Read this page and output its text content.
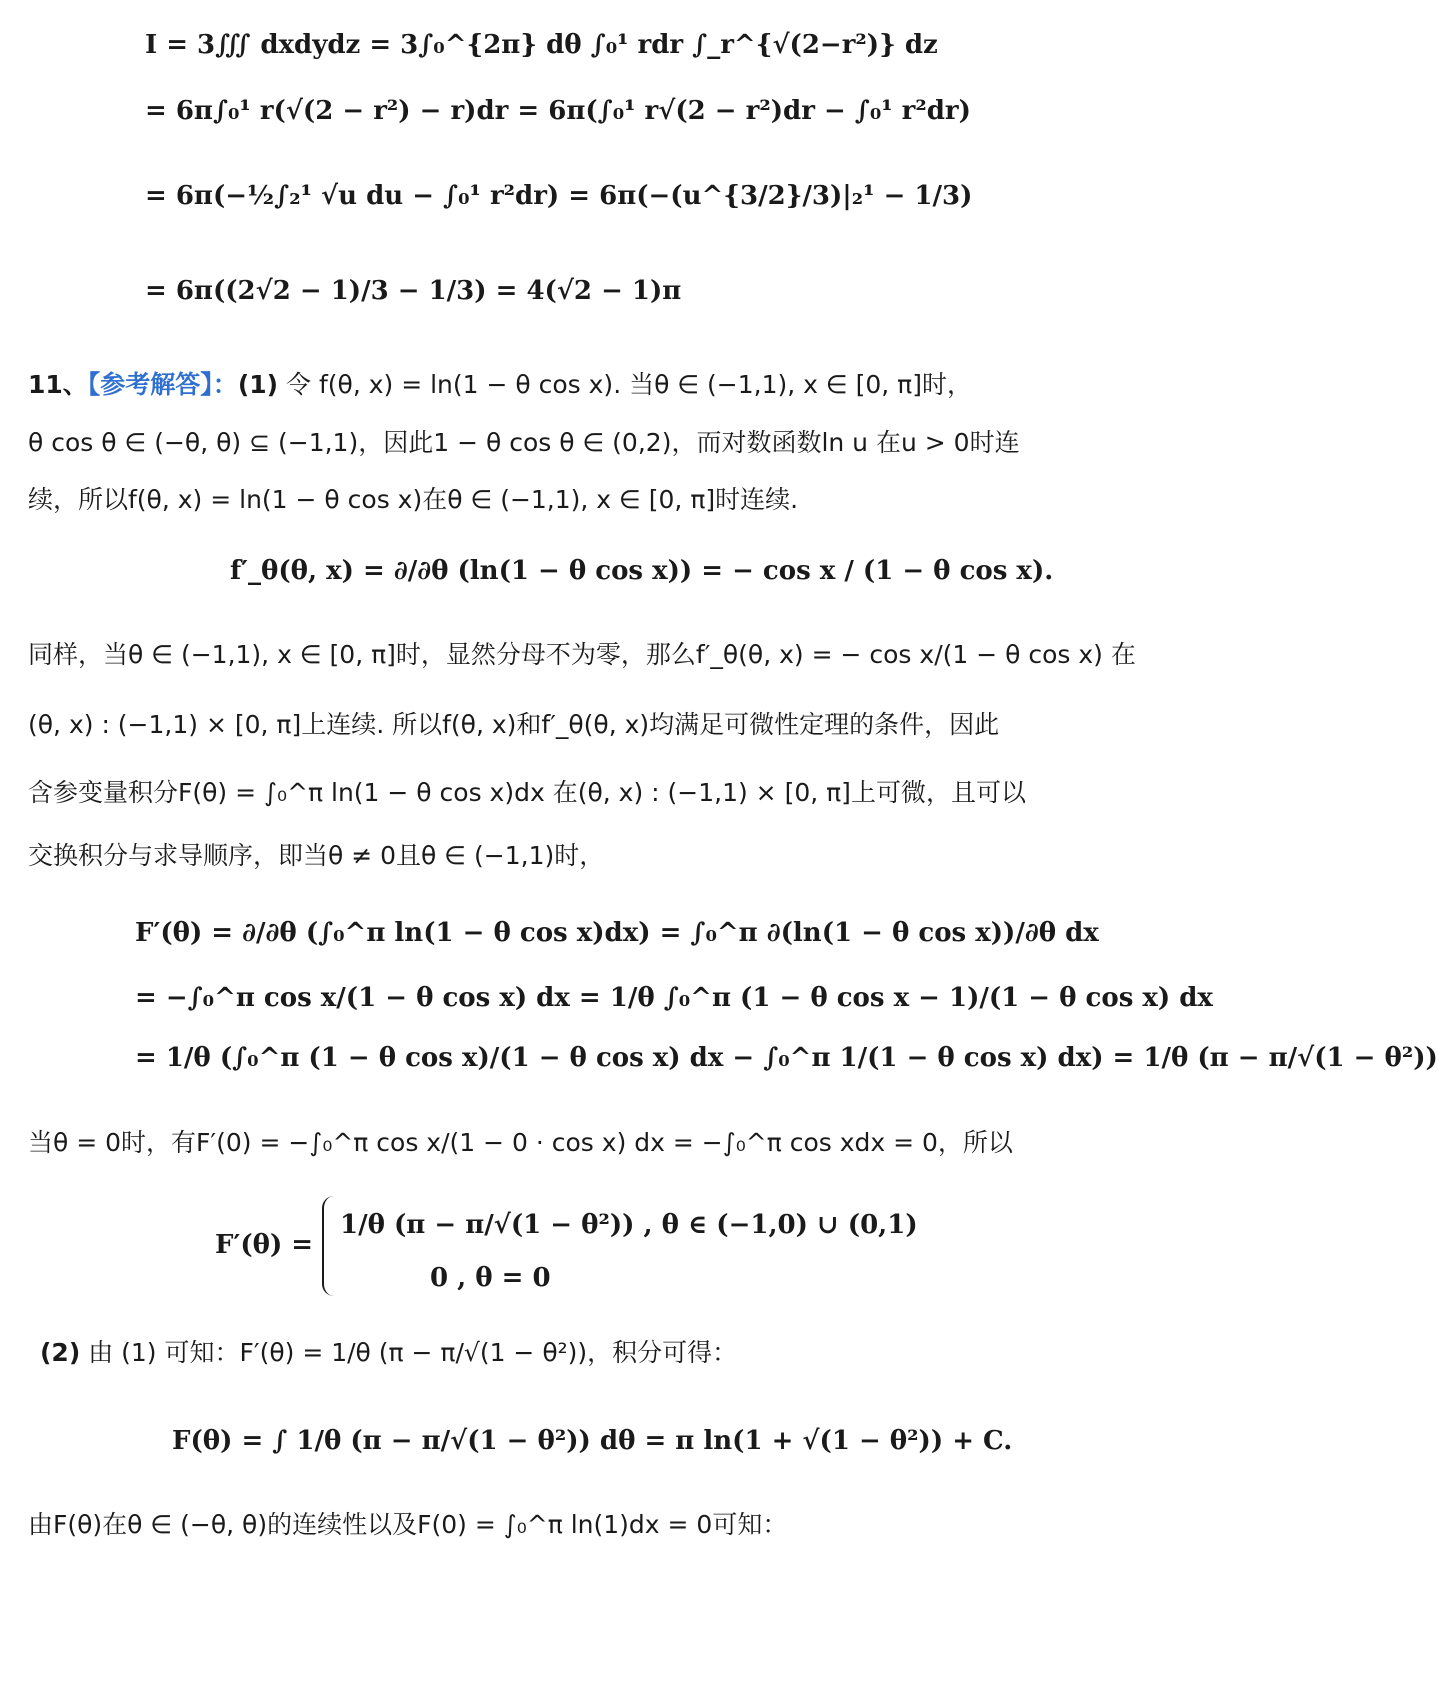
I = 3∭ dxdydz = 3∫₀^{2π} dθ ∫₀¹ rdr ∫_r^{√(2−r²)} dz
= 6π∫₀¹ r(√(2 − r²) − r)dr = 6π(∫₀¹ r√(2 − r²)dr − ∫₀¹ r²dr)
= 6π(−½∫₂¹ √u du − ∫₀¹ r²dr) = 6π(−(u^{3/2}/3)|₂¹ − 1/3)
= 6π((2√2 − 1)/3 − 1/3) = 4(√2 − 1)π
11、【参考解答】：(1) 令 f(θ, x) = ln(1 − θ cos x). 当θ ∈ (−1,1), x ∈ [0, π]时，
θ cos θ ∈ (−θ, θ) ⊆ (−1,1)，因此1 − θ cos θ ∈ (0,2)，而对数函数ln u 在u > 0时连
续，所以f(θ, x) = ln(1 − θ cos x)在θ ∈ (−1,1), x ∈ [0, π]时连续.
f′_θ(θ, x) = ∂/∂θ (ln(1 − θ cos x)) = − cos x / (1 − θ cos x).
同样，当θ ∈ (−1,1), x ∈ [0, π]时，显然分母不为零，那么f′_θ(θ, x) = − cos x/(1 − θ cos x) 在
(θ, x) : (−1,1) × [0, π]上连续. 所以f(θ, x)和f′_θ(θ, x)均满足可微性定理的条件，因此
含参变量积分F(θ) = ∫₀^π ln(1 − θ cos x)dx 在(θ, x) : (−1,1) × [0, π]上可微，且可以
交换积分与求导顺序，即当θ ≠ 0且θ ∈ (−1,1)时，
F′(θ) = ∂/∂θ (∫₀^π ln(1 − θ cos x)dx) = ∫₀^π ∂(ln(1 − θ cos x))/∂θ dx
= −∫₀^π cos x/(1 − θ cos x) dx = 1/θ ∫₀^π (1 − θ cos x − 1)/(1 − θ cos x) dx
= 1/θ (∫₀^π (1 − θ cos x)/(1 − θ cos x) dx − ∫₀^π 1/(1 − θ cos x) dx) = 1/θ (π − π/√(1 − θ²))
当θ = 0时，有F′(0) = −∫₀^π cos x/(1 − 0 · cos x) dx = −∫₀^π cos xdx = 0，所以
F′(θ) =
1/θ (π − π/√(1 − θ²)) , θ ∈ (−1,0) ∪ (0,1)
0 , θ = 0
(2) 由 (1) 可知：F′(θ) = 1/θ (π − π/√(1 − θ²))，积分可得：
F(θ) = ∫ 1/θ (π − π/√(1 − θ²)) dθ = π ln(1 + √(1 − θ²)) + C.
由F(θ)在θ ∈ (−θ, θ)的连续性以及F(0) = ∫₀^π ln(1)dx = 0可知：
